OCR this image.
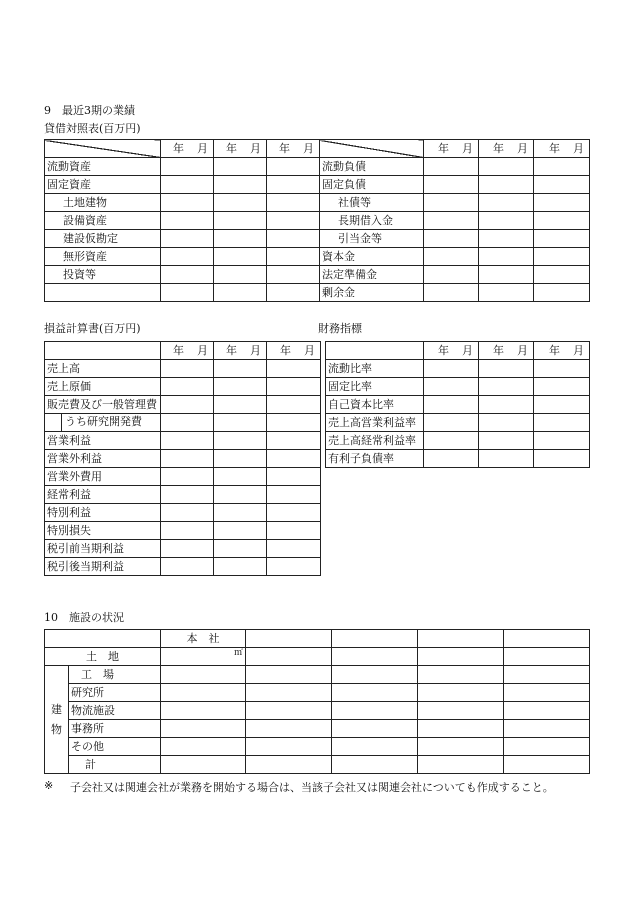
9　最近3期の業績
貸借対照表(百万円)
	年　月	年　月	年　月		年　月	年　月	年　月
流動資産				流動負債			
固定資産				固定負債			
土地建物				社債等			
設備資産				長期借入金			
建設仮勘定				引当金等			
無形資産				資本金			
投資等				法定準備金			
				剰余金			
損益計算書(百万円)	財務指標
	年　月	年　月	年　月
売上高			
売上原価			
販売費及び一般管理費			

うち研究開発費			

営業利益			
営業外利益			
営業外費用			
経常利益			
特別利益			
特別損失			
税引前当期利益			
税引後当期利益			
	年　月	年　月	年　月
流動比率			
固定比率			
自己資本比率			
売上高営業利益率			
売上高経常利益率			
有利子負債率			
10　施設の状況
		本　社				
土　地		㎡				

建
物	工　場					
	研究所					
	物流施設					
	事務所					
	その他					
	計					
※ 子会社又は関連会社が業務を開始する場合は、当該子会社又は関連会社についても作成すること。
